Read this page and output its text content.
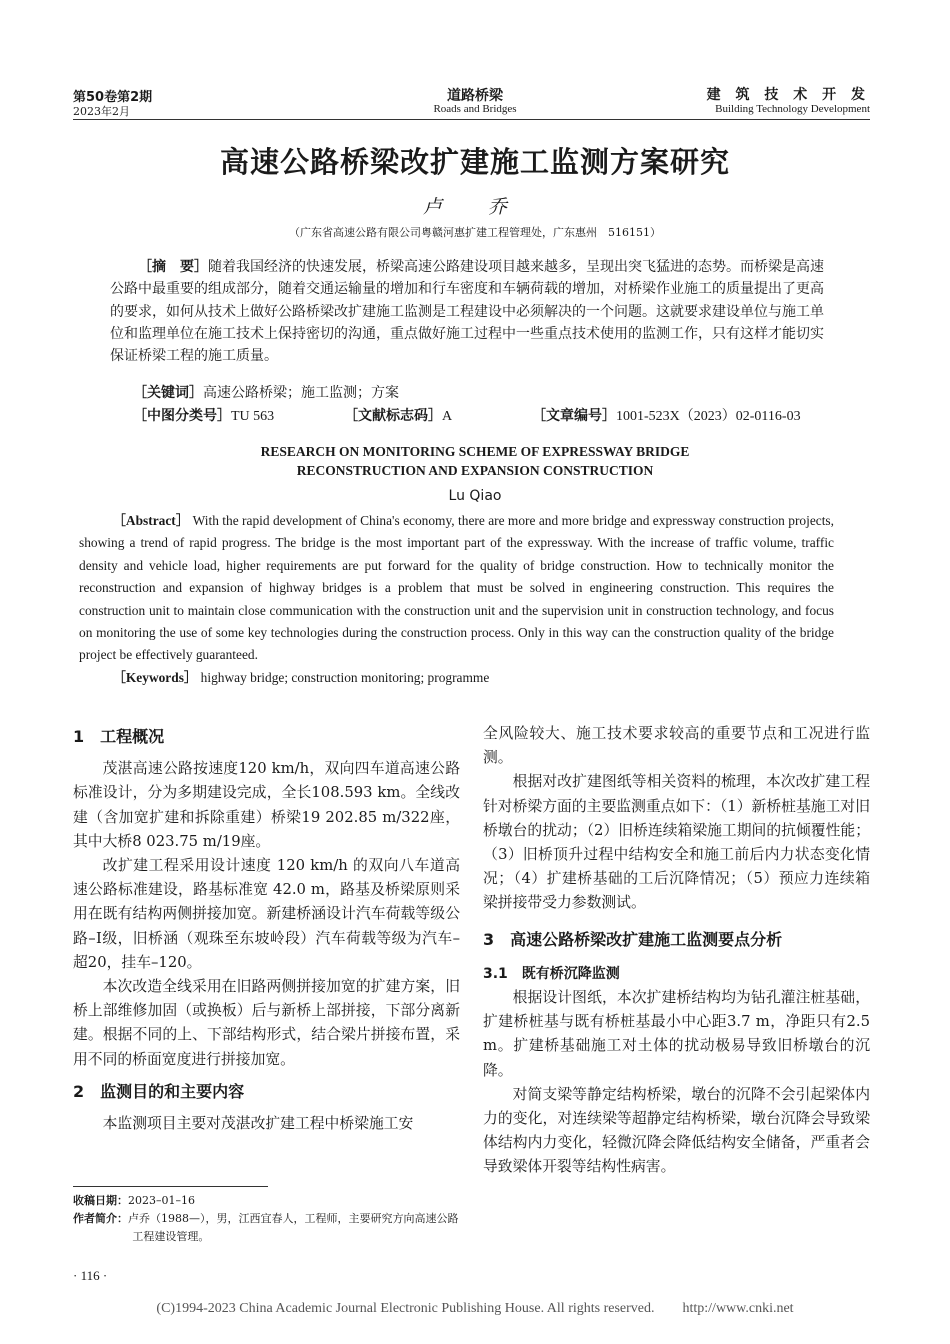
第50卷第2期
2023年2月
道路桥梁
Roads and Bridges
建 筑 技 术 开 发
Building Technology Development
高速公路桥梁改扩建施工监测方案研究
卢 乔
（广东省高速公路有限公司粤赣河惠扩建工程管理处，广东惠州　516151）

［摘　要］随着我国经济的快速发展，桥梁高速公路建设项目越来越多，呈现出突飞猛进的态势。而桥梁是高速公路中最重要的组成部分，随着交通运输量的增加和行车密度和车辆荷载的增加，对桥梁作业施工的质量提出了更高的要求，如何从技术上做好公路桥梁改扩建施工监测是工程建设中必须解决的一个问题。这就要求建设单位与施工单位和监理单位在施工技术上保持密切的沟通，重点做好施工过程中一些重点技术使用的监测工作，只有这样才能切实保证桥梁工程的施工质量。

［关键词］高速公路桥梁；施工监测；方案
［中图分类号］TU 563	［文献标志码］A	［文章编号］1001-523X（2023）02-0116-03
RESEARCH ON MONITORING SCHEME OF EXPRESSWAY BRIDGE
RECONSTRUCTION AND EXPANSION CONSTRUCTION
Lu Qiao

［Abstract］ With the rapid development of China's economy, there are more and more bridge and expressway construction projects, showing a trend of rapid progress. The bridge is the most important part of the expressway. With the increase of traffic volume, traffic density and vehicle load, higher requirements are put forward for the quality of bridge construction. How to technically monitor the reconstruction and expansion of highway bridges is a problem that must be solved in engineering construction. This requires the construction unit to maintain close communication with the construction unit and the supervision unit in construction technology, and focus on monitoring the use of some key technologies during the construction process. Only in this way can the construction quality of the bridge project be effectively guaranteed.

［Keywords］ highway bridge; construction monitoring; programme

1　工程概况

茂湛高速公路按速度120 km/h，双向四车道高速公路标准设计，分为多期建设完成，全长108.593 km。全线改建（含加宽扩建和拆除重建）桥梁19 202.85 m/322座，其中大桥8 023.75 m/19座。

改扩建工程采用设计速度 120 km/h 的双向八车道高速公路标准建设，路基标准宽 42.0 m，路基及桥梁原则采用在既有结构两侧拼接加宽。新建桥涵设计汽车荷载等级公路–Ⅰ级，旧桥涵（观珠至东坡岭段）汽车荷载等级为汽车–超20，挂车–120。

本次改造全线采用在旧路两侧拼接加宽的扩建方案，旧桥上部维修加固（或换板）后与新桥上部拼接，下部分离新建。根据不同的上、下部结构形式，结合梁片拼接布置，采用不同的桥面宽度进行拼接加宽。

2　监测目的和主要内容

本监测项目主要对茂湛改扩建工程中桥梁施工安

全风险较大、施工技术要求较高的重要节点和工况进行监测。

根据对改扩建图纸等相关资料的梳理，本次改扩建工程针对桥梁方面的主要监测重点如下：（1）新桥桩基施工对旧桥墩台的扰动；（2）旧桥连续箱梁施工期间的抗倾覆性能；（3）旧桥顶升过程中结构安全和施工前后内力状态变化情况；（4）扩建桥基础的工后沉降情况；（5）预应力连续箱梁拼接带受力参数测试。

3　高速公路桥梁改扩建施工监测要点分析

3.1　既有桥沉降监测

根据设计图纸，本次扩建桥结构均为钻孔灌注桩基础，扩建桥桩基与既有桥桩基最小中心距3.7 m，净距只有2.5 m。扩建桥基础施工对土体的扰动极易导致旧桥墩台的沉降。

对简支梁等静定结构桥梁，墩台的沉降不会引起梁体内力的变化，对连续梁等超静定结构桥梁，墩台沉降会导致梁体结构内力变化，轻微沉降会降低结构安全储备，严重者会导致梁体开裂等结构性病害。

收稿日期：2023–01–16

作者简介：卢乔（1988—），男，江西宜春人，工程师，主要研究方向高速公路工程建设管理。

· 116 ·
(C)1994-2023 China Academic Journal Electronic Publishing House. All rights reserved.　　http://www.cnki.net
